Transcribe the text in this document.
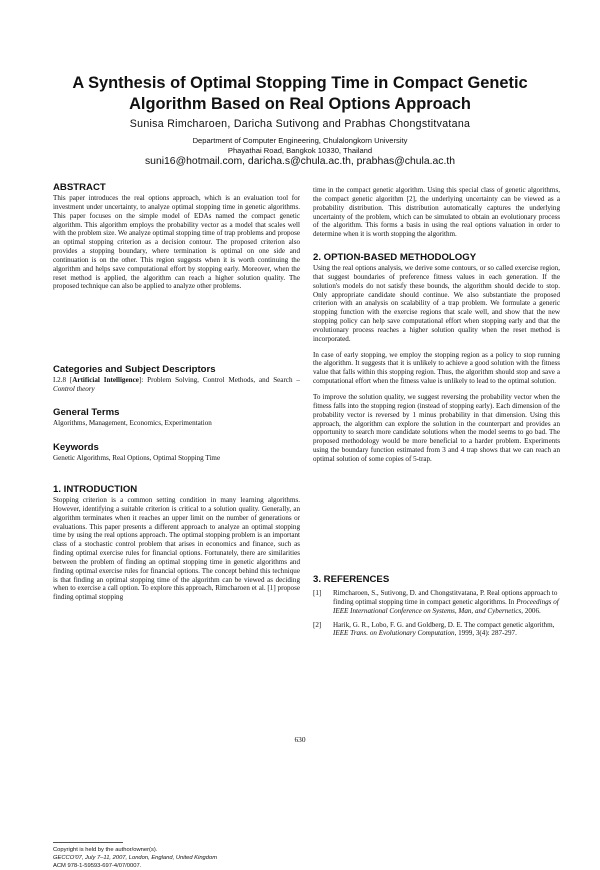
A Synthesis of Optimal Stopping Time in Compact Genetic
Algorithm Based on Real Options Approach
Sunisa Rimcharoen, Daricha Sutivong and Prabhas Chongstitvatana
Department of Computer Engineering, Chulalongkorn University
Phayathai Road, Bangkok 10330, Thailand
suni16@hotmail.com, daricha.s@chula.ac.th, prabhas@chula.ac.th
ABSTRACT

This paper introduces the real options approach, which is an evaluation tool for investment under uncertainty, to analyze optimal stopping time in genetic algorithms. This paper focuses on the simple model of EDAs named the compact genetic algorithm. This algorithm employs the probability vector as a model that scales well with the problem size. We analyze optimal stopping time of trap problems and propose an optimal stopping criterion as a decision contour. The proposed criterion also provides a stopping boundary, where termination is optimal on one side and continuation is on the other. This region suggests when it is worth continuing the algorithm and helps save computational effort by stopping early. Moreover, when the reset method is applied, the algorithm can reach a higher solution quality. The proposed technique can also be applied to analyze other problems.

Categories and Subject Descriptors

I.2.8 [Artificial Intelligence]: Problem Solving, Control Methods, and Search – Control theory

General Terms

Algorithms, Management, Economics, Experimentation

Keywords

Genetic Algorithms, Real Options, Optimal Stopping Time

1. INTRODUCTION

Stopping criterion is a common setting condition in many learning algorithms. However, identifying a suitable criterion is critical to a solution quality. Generally, an algorithm terminates when it reaches an upper limit on the number of generations or evaluations. This paper presents a different approach to analyze an optimal stopping time by using the real options approach. The optimal stopping problem is an important class of a stochastic control problem that arises in economics and finance, such as finding optimal exercise rules for financial options. Fortunately, there are similarities between the problem of finding an optimal stopping time in genetic algorithms and finding optimal exercise rules for financial options. The concept behind this technique is that finding an optimal stopping time of the algorithm can be viewed as deciding when to exercise a call option. To explore this approach, Rimcharoen et al. [1] propose finding optimal stopping

Copyright is held by the author/owner(s).
GECCO'07, July 7–11, 2007, London, England, United Kingdom
ACM 978-1-59593-697-4/07/0007.

time in the compact genetic algorithm. Using this special class of genetic algorithms, the compact genetic algorithm [2], the underlying uncertainty can be viewed as a probability distribution. This distribution automatically captures the underlying uncertainty of the problem, which can be simulated to obtain an evolutionary process of the algorithm. This forms a basis in using the real options valuation in order to determine when it is worth stopping the algorithm.

2. OPTION-BASED METHODOLOGY

Using the real options analysis, we derive some contours, or so called exercise region, that suggest boundaries of preference fitness values in each generation. If the solution's models do not satisfy these bounds, the algorithm should decide to stop. Only appropriate candidate should continue. We also substantiate the proposed criterion with an analysis on scalability of a trap problem. We formulate a generic stopping function with the exercise regions that scale well, and show that the new stopping policy can help save computational effort when stopping early and that the evolutionary process reaches a higher solution quality when the reset method is incorporated.

In case of early stopping, we employ the stopping region as a policy to stop running the algorithm. It suggests that it is unlikely to achieve a good solution with the fitness value that falls within this stopping region. Thus, the algorithm should stop and save a computational effort when the fitness value is unlikely to lead to the optimal solution.

To improve the solution quality, we suggest reversing the probability vector when the fitness falls into the stopping region (instead of stopping early). Each dimension of the probability vector is reversed by 1 minus probability in that dimension. Using this approach, the algorithm can explore the solution in the counterpart and provides an opportunity to search more candidate solutions when the model seems to go bad. The proposed methodology would be more beneficial to a harder problem. Experiments using the boundary function estimated from 3 and 4 trap shows that we can reach an optimal solution of some copies of 5-trap.

3. REFERENCES
[1]	Rimcharoen, S., Sutivong, D. and Chongstitvatana, P. Real options approach to finding optimal stopping time in compact genetic algorithms. In Proceedings of IEEE International Conference on Systems, Man, and Cybernetics, 2006.
[2]	Harik, G. R., Lobo, F. G. and Goldberg, D. E. The compact genetic algorithm, IEEE Trans. on Evolutionary Computation, 1999, 3(4): 287-297.
630
